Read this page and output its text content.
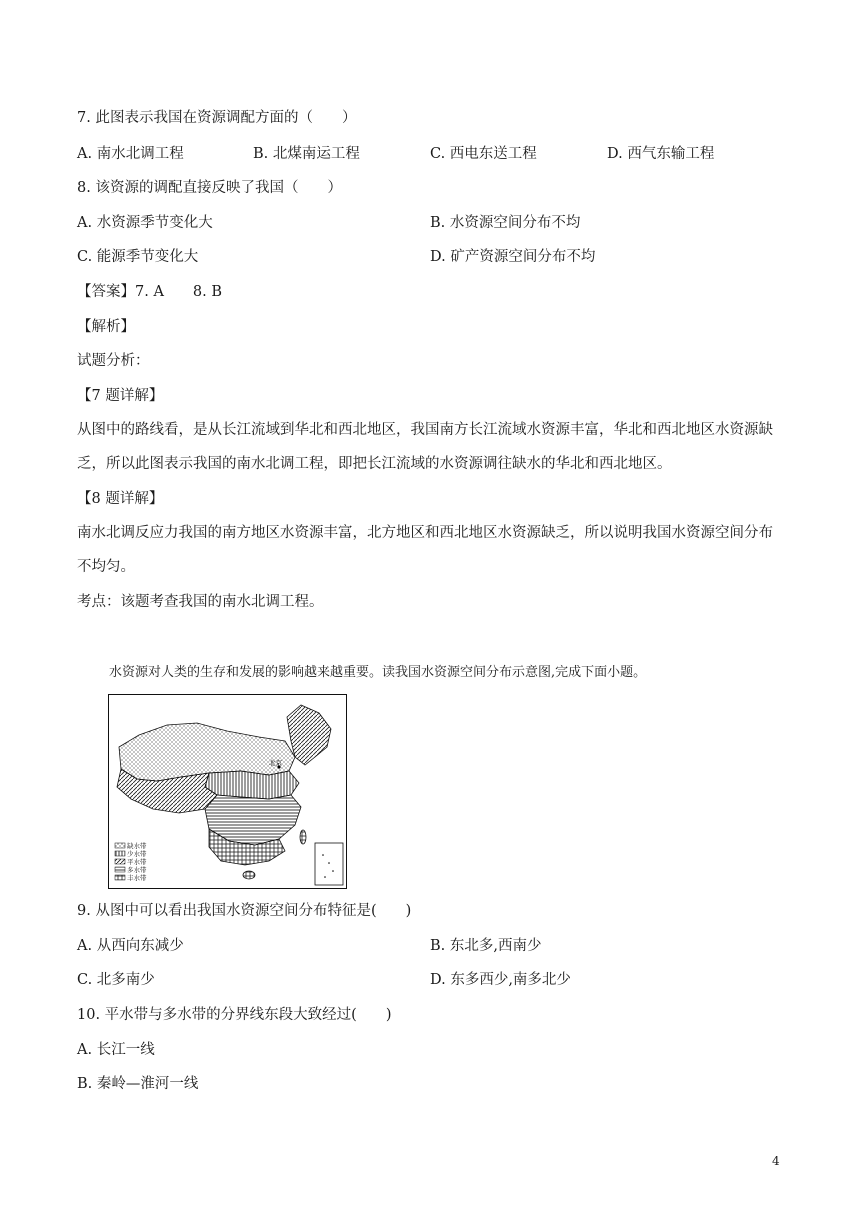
7. 此图表示我国在资源调配方面的（　　）
A. 南水北调工程	B. 北煤南运工程	C. 西电东送工程	D. 西气东输工程
8. 该资源的调配直接反映了我国（　　）
A. 水资源季节变化大	B. 水资源空间分布不均
C. 能源季节变化大	D. 矿产资源空间分布不均
【答案】7. A　　8. B
【解析】
试题分析：
【7 题详解】
从图中的路线看，是从长江流域到华北和西北地区，我国南方长江流域水资源丰富，华北和西北地区水资源缺乏，所以此图表示我国的南水北调工程，即把长江流域的水资源调往缺水的华北和西北地区。
【8 题详解】
南水北调反应力我国的南方地区水资源丰富，北方地区和西北地区水资源缺乏，所以说明我国水资源空间分布不均匀。
考点：该题考查我国的南水北调工程。
水资源对人类的生存和发展的影响越来越重要。读我国水资源空间分布示意图,完成下面小题。
北京
缺水带
少水带
平水带
多水带
丰水带
9. 从图中可以看出我国水资源空间分布特征是(　　)
A. 从西向东减少	B. 东北多,西南少
C. 北多南少	D. 东多西少,南多北少
10. 平水带与多水带的分界线东段大致经过(　　)
A. 长江一线
B. 秦岭—淮河一线
4
